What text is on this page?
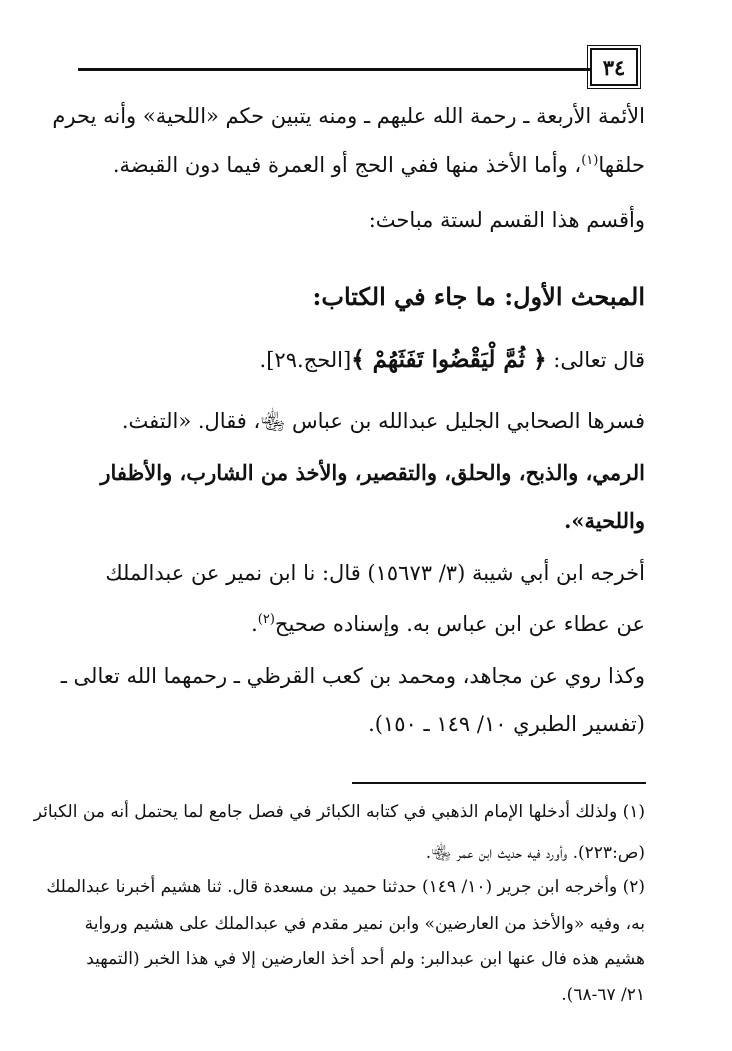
٣٤
الأئمة الأربعة ـ رحمة الله عليهم ـ ومنه يتبين حكم «اللحية» وأنه يحرم
حلقها$^{(١)}$، وأما الأخذ منها ففي الحج أو العمرة فيما دون القبضة.
وأقسم هذا القسم لستة مباحث:
المبحث الأول: ما جاء في الكتاب:
قال تعالى: ﴿ ثُمَّ لْيَقْضُوا تَفَثَهُمْ ﴾[الحج.٢٩].
فسرها الصحابي الجليل عبدالله بن عباس ﵄، فقال. «التفث.
الرمي، والذبح، والحلق، والتقصير، والأخذ من الشارب، والأظفار
واللحية».
أخرجه ابن أبي شيبة (٣/ ١٥٦٧٣) قال: نا ابن نمير عن عبدالملك
عن عطاء عن ابن عباس به. وإسناده صحيح$^{(٢)}$.
وكذا روي عن مجاهد، ومحمد بن كعب القرظي ـ رحمهما الله تعالى ـ
(تفسير الطبري ١٠/ ١٤٩ ـ ١٥٠).
(١) ولذلك أدخلها الإمام الذهبي في كتابه الكبائر في فصل جامع لما يحتمل أنه من الكبائر
(ص:٢٢٣). وأورد فيه حديث ابن عمر ﵄.
(٢) وأخرجه ابن جرير (١٠/ ١٤٩) حدثنا حميد بن مسعدة قال. ثنا هشيم أخبرنا عبدالملك
به، وفيه «والأخذ من العارضين» وابن نمير مقدم في عبدالملك على هشيم ورواية
هشيم هذه فال عنها ابن عبدالبر: ولم أحد أخذ العارضين إلا في هذا الخبر (التمهيد
٢١/ ٦٧-٦٨).
